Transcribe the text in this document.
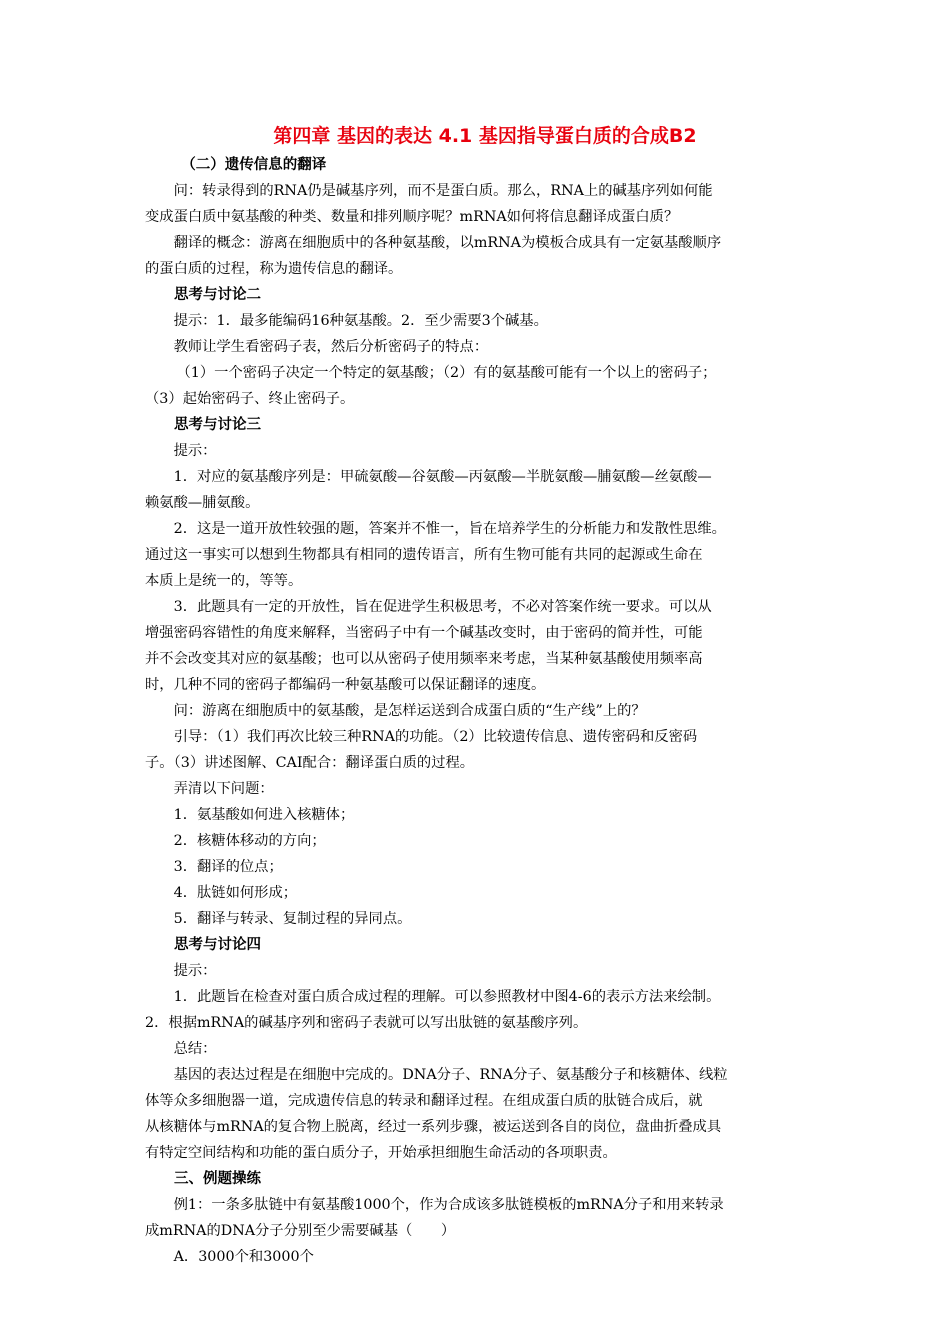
第四章 基因的表达 4.1 基因指导蛋白质的合成B2
（二）遗传信息的翻译
问：转录得到的RNA仍是碱基序列，而不是蛋白质。那么，RNA上的碱基序列如何能
变成蛋白质中氨基酸的种类、数量和排列顺序呢？mRNA如何将信息翻译成蛋白质？
翻译的概念：游离在细胞质中的各种氨基酸，以mRNA为模板合成具有一定氨基酸顺序
的蛋白质的过程，称为遗传信息的翻译。
思考与讨论二
提示：1．最多能编码16种氨基酸。2．至少需要3个碱基。
教师让学生看密码子表，然后分析密码子的特点：
（1）一个密码子决定一个特定的氨基酸；（2）有的氨基酸可能有一个以上的密码子；
（3）起始密码子、终止密码子。
思考与讨论三
提示：
1．对应的氨基酸序列是：甲硫氨酸—谷氨酸—丙氨酸—半胱氨酸—脯氨酸—丝氨酸—
赖氨酸—脯氨酸。
2．这是一道开放性较强的题，答案并不惟一，旨在培养学生的分析能力和发散性思维。
通过这一事实可以想到生物都具有相同的遗传语言，所有生物可能有共同的起源或生命在
本质上是统一的，等等。
3．此题具有一定的开放性，旨在促进学生积极思考，不必对答案作统一要求。可以从
增强密码容错性的角度来解释，当密码子中有一个碱基改变时，由于密码的简并性，可能
并不会改变其对应的氨基酸；也可以从密码子使用频率来考虑，当某种氨基酸使用频率高
时，几种不同的密码子都编码一种氨基酸可以保证翻译的速度。
问：游离在细胞质中的氨基酸，是怎样运送到合成蛋白质的“生产线”上的？
引导：（1）我们再次比较三种RNA的功能。（2）比较遗传信息、遗传密码和反密码
子。（3）讲述图解、CAI配合：翻译蛋白质的过程。
弄清以下问题：
1．氨基酸如何进入核糖体；
2．核糖体移动的方向；
3．翻译的位点；
4．肽链如何形成；
5．翻译与转录、复制过程的异同点。
思考与讨论四
提示：
1．此题旨在检查对蛋白质合成过程的理解。可以参照教材中图4-6的表示方法来绘制。
2．根据mRNA的碱基序列和密码子表就可以写出肽链的氨基酸序列。
总结：
基因的表达过程是在细胞中完成的。DNA分子、RNA分子、氨基酸分子和核糖体、线粒
体等众多细胞器一道，完成遗传信息的转录和翻译过程。在组成蛋白质的肽链合成后，就
从核糖体与mRNA的复合物上脱离，经过一系列步骤，被运送到各自的岗位，盘曲折叠成具
有特定空间结构和功能的蛋白质分子，开始承担细胞生命活动的各项职责。
三、例题操练
例1：一条多肽链中有氨基酸1000个，作为合成该多肽链模板的mRNA分子和用来转录
成mRNA的DNA分子分别至少需要碱基（　　）
A．3000个和3000个
